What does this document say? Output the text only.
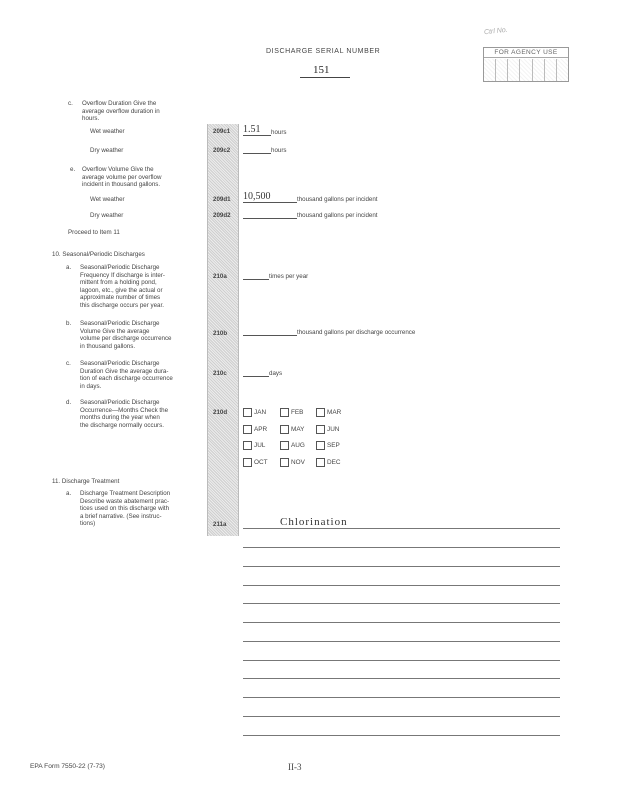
DISCHARGE SERIAL NUMBER
151
Ctrl No.
FOR AGENCY USE
c. Overflow Duration Give the
average overflow duration in
hours.
Wet weather	209c1 1.51 hours
Dry weather	209c2	hours
e. Overflow Volume Give the
average volume per overflow
incident in thousand gallons.
Wet weather	209d1 10,500	thousand gallons per incident
Dry weather	209d2	thousand gallons per incident
Proceed to Item 11
10. Seasonal/Periodic Discharges
a. Seasonal/Periodic Discharge
Frequency If discharge is inter-
mittent from a holding pond,
lagoon, etc., give the actual or
approximate number of times
this discharge occurs per year.
210a	times per year
b. Seasonal/Periodic Discharge
Volume Give the average
volume per discharge occurrence
in thousand gallons.
210b	thousand gallons per discharge occurrence
c. Seasonal/Periodic Discharge
Duration Give the average dura-
tion of each discharge occurrence
in days.
210c	days
d. Seasonal/Periodic Discharge
Occurrence—Months Check the
months during the year when
the discharge normally occurs.
210d	JAN	FEB	MAR
APR	MAY	JUN
JUL	AUG	SEP
OCT	NOV	DEC
11. Discharge Treatment
a. Discharge Treatment Description
Describe waste abatement prac-
tices used on this discharge with
a brief narrative. (See instruc-
tions)	211a	Chlorination
EPA Form 7550-22 (7-73)	II-3
